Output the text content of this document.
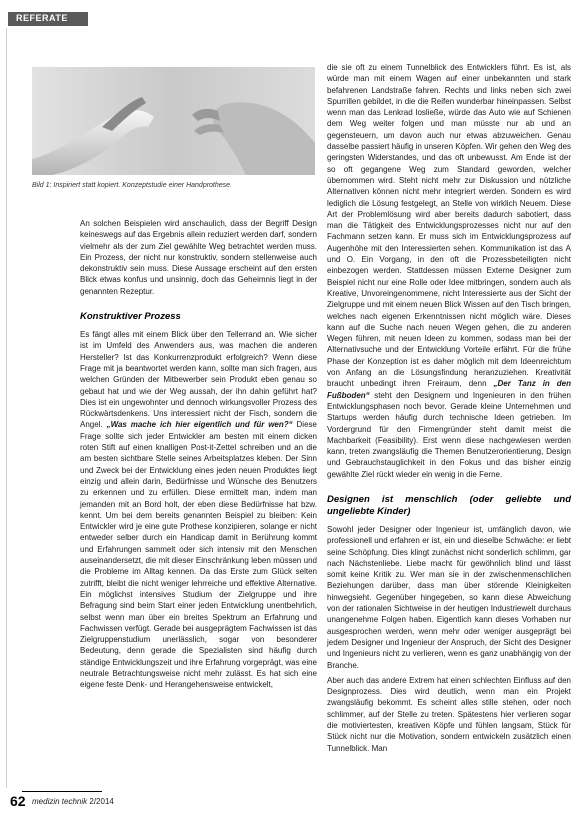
REFERATE
Bild 1: Inspiriert statt kopiert. Konzeptstudie einer Handprothese.

An solchen Beispielen wird anschaulich, dass der Begriff Design keineswegs auf das Ergebnis allein reduziert werden darf, sondern vielmehr als der zum Ziel gewählte Weg betrachtet werden muss. Ein Prozess, der nicht nur konstruktiv, sondern stellenweise auch dekonstruktiv sein muss. Diese Aussage erscheint auf den ersten Blick etwas konfus und unsinnig, doch das Geheimnis liegt in der genannten Rezeptur.

Konstruktiver Prozess

Es fängt alles mit einem Blick über den Tellerrand an. Wie sicher ist im Umfeld des Anwenders aus, was machen die anderen Hersteller? Ist das Konkurrenzprodukt erfolgreich? Wenn diese Frage mit ja beantwortet werden kann, sollte man sich fragen, aus welchen Gründen der Mitbewerber sein Produkt eben genau so gebaut hat und wie der Weg aussah, der ihn dahin geführt hat? Dies ist ein ungewohnter und dennoch wirkungsvoller Prozess des Rückwärtsdenkens. Uns interessiert nicht der Fisch, sondern die Angel. „Was mache ich hier eigentlich und für wen?“ Diese Frage sollte sich jeder Entwickler am besten mit einem dicken roten Stift auf einen knalligen Post-it-Zettel schreiben und an die am besten sichtbare Stelle seines Arbeitsplatzes kleben. Der Sinn und Zweck bei der Entwicklung eines jeden neuen Produktes liegt einzig und allein darin, Bedürfnisse und Wünsche des Benutzers zu erkennen und zu erfüllen. Diese ermittelt man, indem man jemanden mit an Bord holt, der eben diese Bedürfnisse hat bzw. kennt. Um bei dem bereits genannten Beispiel zu bleiben: Kein Entwickler wird je eine gute Prothese konzipieren, solange er nicht entweder selber durch ein Handicap damit in Berührung kommt und Erfahrungen sammelt oder sich intensiv mit den Menschen auseinandersetzt, die mit dieser Einschränkung leben müssen und die Probleme im Alltag kennen. Da das Erste zum Glück selten zutrifft, bleibt die nicht weniger lehrreiche und effektive Alternative. Ein möglichst intensives Studium der Zielgruppe und ihre Befragung sind beim Start einer jeden Entwicklung unentbehrlich, selbst wenn man über ein breites Spektrum an Erfahrung und Fachwissen verfügt. Gerade bei ausgeprägtem Fachwissen ist das Zielgruppenstudium unerlässlich, sogar von besonderer Bedeutung, denn gerade die Spezialisten sind häufig durch ständige Entwicklungszeit und ihre Erfahrung vorgeprägt, was eine neutrale Betrachtungsweise nicht mehr zulässt. Es hat sich eine eigene feste Denk- und Herangehensweise entwickelt,

die sie oft zu einem Tunnelblick des Entwicklers führt. Es ist, als würde man mit einem Wagen auf einer unbekannten und stark befahrenen Landstraße fahren. Rechts und links neben sich zwei Spurrillen gebildet, in die die Reifen wunderbar hineinpassen. Selbst wenn man das Lenkrad losließe, würde das Auto wie auf Schienen dem Weg weiter folgen und man müsste nur ab und an gegensteuern, um davon auch nur etwas abzuweichen. Genau dasselbe passiert häufig in unseren Köpfen. Wir gehen den Weg des geringsten Widerstandes, und das oft unbewusst. Am Ende ist der so oft gegangene Weg zum Standard geworden, welcher übernommen wird. Steht nicht mehr zur Diskussion und nützliche Alternativen können nicht mehr integriert werden. Sondern es wird lediglich die Lösung festgelegt, an Stelle von wirklich Neuem. Diese Art der Problemlösung wird aber bereits dadurch sabotiert, dass man die Tätigkeit des Entwicklungsprozesses nicht nur auf den Fachmann setzen kann. Er muss sich im Entwicklungsprozess auf Augenhöhe mit den Interessierten sehen. Kommunikation ist das A und O. Ein Vorgang, in den oft die Prozessbeteiligten nicht einbezogen werden. Stattdessen müssen Externe Designer zum Beispiel nicht nur eine Rolle oder Idee mitbringen, sondern auch als Kreative, Unvoreingenommene, nicht Interessierte aus der Sicht der Zielgruppe und mit einem neuen Blick Wissen auf den Tisch bringen, welches nach eigenen Erkenntnissen nicht möglich wäre. Dieses kann auf die Suche nach neuen Wegen gehen, die zu anderen Wegen führen, mit neuen Ideen zu kommen, sodass man bei der Alternativsuche und der Entwicklung Vorteile erfährt. Für die frühe Phase der Konzeption ist es daher möglich mit dem Ideenreichtum von Anfang an die Lösungsfindung heranzuziehen. Kreativität braucht unbedingt ihren Freiraum, denn „Der Tanz in den Fußboden“ steht den Designern und Ingenieuren in den frühen Entwicklungsphasen noch bevor. Gerade kleine Unternehmen und Startups werden häufig durch technische Ideen getrieben. Im Vordergrund für den Firmengründer steht damit meist die Machbarkeit (Feasibility). Erst wenn diese nachgewiesen werden kann, treten zwangsläufig die Themen Benutzerorientierung, Design und Gebrauchstauglichkeit in den Fokus und das bisher einzig gewählte Ziel rückt wieder ein wenig in die Ferne.

Designen ist menschlich (oder geliebte und ungeliebte Kinder)

Sowohl jeder Designer oder Ingenieur ist, umfänglich davon, wie professionell und erfahren er ist, ein und dieselbe Schwäche: er liebt seine Schöpfung. Dies klingt zunächst nicht sonderlich schlimm, gar nach Nächstenliebe. Liebe macht für gewöhnlich blind und lässt somit keine Kritik zu. Wer man sie in der zwischenmenschlichen Beziehungen darüber, dass man über störende Kleinigkeiten hinwegsieht. Gegenüber hingegeben, so kann diese Abweichung von der rationalen Sichtweise in der heutigen Industriewelt durchaus unangenehme Folgen haben. Eigentlich kann dieses Vorhaben nur ausgesprochen werden, wenn mehr oder weniger ausgeprägt bei jedem Designer und Ingenieur der Anspruch, der Sicht des Designer und Ingenieurs nicht zu verlieren, wenn es ganz unabhängig von der Branche.

Aber auch das andere Extrem hat einen schlechten Einfluss auf den Designprozess. Dies wird deutlich, wenn man ein Projekt zwangsläufig bekommt. Es scheint alles stille stehen, oder noch schlimmer, auf der Stelle zu treten. Spätestens hier verlieren sogar die motiviertesten, kreativen Köpfe und fühlen langsam, Stück für Stück nicht nur die Motivation, sondern entwickeln zusätzlich einen Tunnelblick. Man

62 medizin technik 2/2014
